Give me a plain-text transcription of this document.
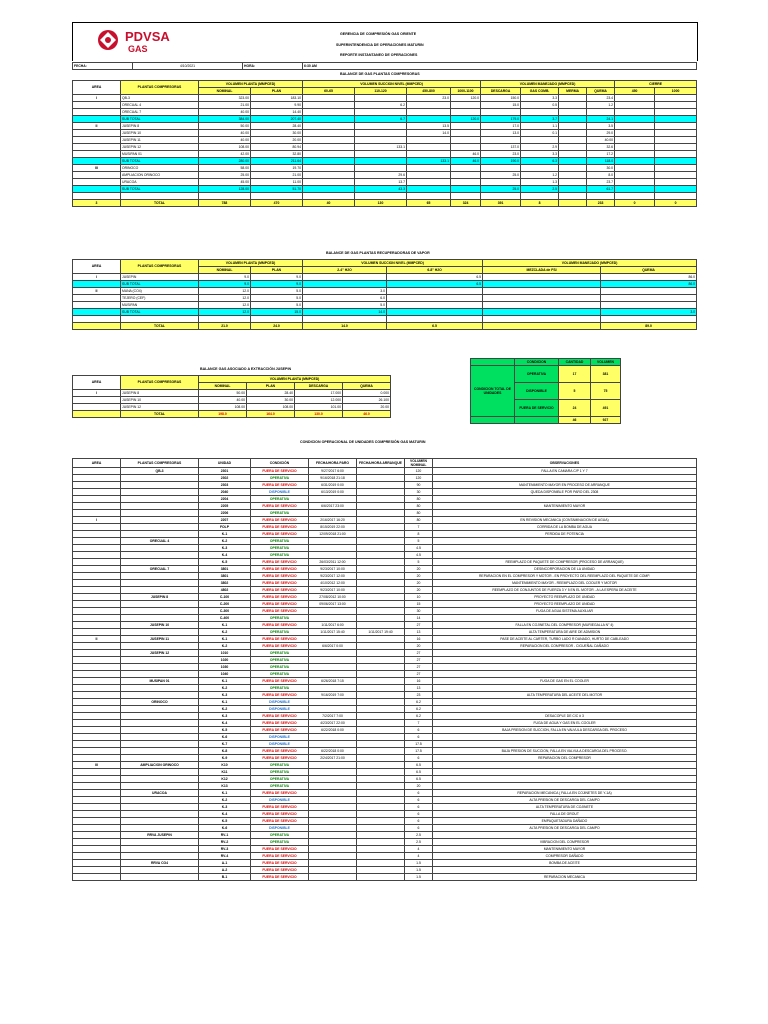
PDVSA
GAS
GERENCIA DE COMPRESIÓN GAS ORIENTE
SUPERINTENDENCIA DE OPERACIONES MATURIN
REPORTE INSTANTANEO DE OPERACIONES
FECHA:	4/10/2021	HORA:	6:30 AM
BALANCE DE GAS PLANTAS COMPRESORAS
AREA	PLANTAS COMPRESORAS	VOLUMEN PLANTA (MMPCED)		VOLUMEN SUCCION NIVEL (MMPCED)				VOLUMEN MANEJADO (MMPCED)				CIERRE	
		NOMINAL	PLAN	60-65	110-120	450-800	1000-1100	DESCARGA	GAS COMB.	MERMA	QUEMA	450	1000
I	QB-3	323.00	183.10			23.0	120.0	150.0	3.3		23.4		
	ORECUAL 4	21.00	9.90		6.2			15.0	0.5		1.2		
	ORECUAL 7	40.00	14.40										
	SUB TOTAL	384.00	207.40		6.7		120.0	179.0	3.7		24.1		
II	JUSEPIN 8	50.00	28.40			13.5		17.0	1.1		3.5		
	JUSEPIN 10	40.00	30.00			14.0		13.0	0.1		29.0		
	JUSEPIN 11	40.00	20.00								40.00		
	JUSEPIN 12	108.00	80.94		133.1			137.0	2.9		32.6		
	MUSIPAN 01	42.00	32.80				46.0	23.0	3.3		17.2		
	SUB TOTAL	280.00	211.64			133.1	46.0	190.0	6.3		118.0		
III	ORINOCO	58.00	19.70								30.0		
	AMPLIACION ORINOCO	25.00	21.00		29.6			25.0	1.2		8.0		
	URACOA	45.00	11.00		13.7				1.3		23.7		
	SUB TOTAL	128.00	51.70		43.3			25.0	2.5		61.7		

3	TOTAL	788	470	40	130	65	324	391	8		233	0	0
BALANCE DE GAS PLANTAS RECUPERADORAS DE VAPOR
AREA	PLANTAS COMPRESORAS	VOLUMEN PLANTA (MMPCED)		VOLUMEN SUCCION NIVEL (MMPCED)		VOLUMEN MANEJADO (MMPCED)		
		NOMINAL	PLAN	2-4" H2O	6-8" H2O	MEZCLADA de FSI	QUEMA	
I	JUSEPIN	9.0	9.0		6.5		86.0		
	SUB TOTAL	9.0	9.0		6.5		86.0		
II	MANA (CO4)	12.0	5.0	3.0					
	TEJERO (CEF)	12.0	5.0	6.0					
	MUSIPAN	12.0	5.0	5.0					
	SUB TOTAL	12.0	15.0	14.0			3.0		

	TOTAL	21.0	24.0	14.0	6.5		89.0		
BALANCE GAS ASOCIADO A EXTRACCIÓN JUSEPIN
AREA	PLANTAS COMPRESORAS	VOLUMEN PLANTA (MMPCED)			
		NOMINAL	PLAN	DESCARGA	QUEMA
I	JUSEPIN 8	50.00	28.40	17.000	0.000
	JUSEPIN 10	40.00	30.00	12.000	26.100
	JUSEPIN 12	108.00	108.00	101.00	20.00
	TOTAL	198.0	164.0	130.0	46.0
	CONDICION	CANTIDAD	VOLUMEN
CONDICION TOTAL DE UNIDADES	OPERATIVA	17	381
	DISPONIBLE	5	75
	FUERA DE SERVICIO	24	491
		46	927
CONDICION OPERACIONAL DE UNIDADES COMPRESIÓN GAS MATURIN
AREA	PLANTAS COMPRESORAS	UNIDAD	CONDICIÓN	FECHA/HORA PARO	FECHA/HORA ARRANQUE	VOLUMEN NOMINAL	OBSERVACIONES
	QB-3	2301	FUERA DE SERVICIO	9/27/2017 6:00		120	FALLA EN CAMARA C/P 1 Y 7
		2302	OPERATIVA	9/16/2018 21:18		120	
		2303	FUERA DE SERVICIO	6/31/2019 0:00		90	MANTENIMIENTO MAYOR EN PROCESO DE ARRANQUE
		2040	DISPONIBLE	6/13/2019 0:00		30	QUEDA DISPONIBLE POR PARO DEL 2308
		2204	OPERATIVA			80	
		2205	FUERA DE SERVICIO	6/6/2017 23:00		80	MANTENIMIENTO MAYOR
		2206	OPERATIVA			80	
I		2207	FUERA DE SERVICIO	2/16/2017 16:20		80	EN REVISION MECANICA (CONTAMINACION DE AGUA)
		FOLP	FUERA DE SERVICIO	8/15/2019 22:00		7	CORRIDA DE LA BOMBA DE AGUA
		K-1	FUERA DE SERVICIO	12/09/2018 21:00		8	PERDIDA DE POTENCIA
	ORECUAL 4	K-2	OPERATIVA			5	
		K-3	OPERATIVA			4.5	
		K-4	OPERATIVA			4.5	
		K-5	FUERA DE SERVICIO	26/03/2011 12:00		5	REEMPLAZO DE PAQUETE DE COMPRESOR (PROCESO DE ARRANQUE)
	ORECUAL 7	3801	FUERA DE SERVICIO	9/23/2017 10:00		20	DESINCORPORACION DE LA UNIDAD
		3801	FUERA DE SERVICIO	9/23/2017 12:00		20	REPARACION EN EL COMPRESOR Y MOTOR - EN PROYECTO DEL REEMPLAZO DEL PAQUETE DE COMP.
		3802	FUERA DE SERVICIO	4/10/2012 12:00		20	MANTENIMIENTO MAYOR - REEMPLAZO DEL COOLER Y MOTOR
		4802	FUERA DE SERVICIO	9/23/2017 10:00		20	REEMPLAZO DE CONJUNTOS DE FUERZA 3 Y 5 EN EL MOTOR - A LA ESPERA DE ACEITE
	JUSEPIN 8	C-100	FUERA DE SERVICIO	27/08/2012 10:00		10	PROYECTO REEMPLAZO DE UNIDAD
		C-200	FUERA DE SERVICIO	09/06/2017 13:00		15	PROYECTO REEMPLAZO DE UNIDAD
		C-300	FUERA DE SERVICIO			30	FUGA DE AGUA SISTEMA AUXILIAR
		C-400	OPERATIVA			14	
	JUSEPIN 10	K-1	FUERA DE SERVICIO	1/11/2017 6:00		27	FALLA EN COJINETAL DEL COMPRESOR (MURIEGALLA N° 4)
		K-2	OPERATIVA	1/11/2017 15:40	1/11/2017 19:40	13	ALTA TEMPERATURA DE AIRE DE ADMISION
II	JUSEPIN 11	K-1	FUERA DE SERVICIO			16	PASE DE ACEITE AL CARTER, TURBO LADO R DANADO, HURTO DE CABLEADO
		K-2	FUERA DE SERVICIO	6/6/2017 0:00		20	REPARACION DEL COMPRESOR - CIGUEÑAL DAÑADO
	JUSEPIN 12	1010	OPERATIVA			27	
		1020	OPERATIVA			27	
		1030	OPERATIVA			27	
		1040	OPERATIVA			27	
	MUSIPAN 01	K-1	FUERA DE SERVICIO	6/26/2018 7:15		16	FUGA DE GAS EN EL COOLER
		K-2	OPERATIVA			13	
		K-3	FUERA DE SERVICIO	9/16/2019 7:00		23	ALTA TEMPERATURA DEL ACEITE DEL MOTOR
	ORINOCO	K-1	DISPONIBLE			6.2	
		K-2	DISPONIBLE			6.2	
		K-3	FUERA DE SERVICIO	7/2/2017 7:00		6.2	DESACOPLE DE C/C # 3
		K-4	FUERA DE SERVICIO	4/23/2017 22:00		7	FUGA DE AGUA Y GAS EN EL COOLER
		K-5	FUERA DE SERVICIO	6/22/2018 0:00		6	BAJA PRESION DE SUCCION, FALLA EN VALVULA DESCARGA DEL PROCESO
		K-6	DISPONIBLE			6	
		K-7	DISPONIBLE			17.5	
		K-8	FUERA DE SERVICIO	6/22/2018 0:00		17.5	BAJA PRESION DE SUCCION, FALLA EN VALVULA DESCARGA DEL PROCESO.
		K-9	FUERA DE SERVICIO	2/24/2017 21:00		6	REPARACION DEL COMPRESOR
III	AMPLIACION ORINOCO	K10	OPERATIVA			6.5	
		K11	OPERATIVA			6.5	
		K12	OPERATIVA			6.5	
		K13	OPERATIVA			20	
	URACOA	K-1	FUERA DE SERVICIO			6	REPARACION MECANICA ( FALLA EN COJINETES DE Y-1A)
		K-2	DISPONIBLE			6	ALTA PRESION DE DESCARGA DEL CAMPO
		K-3	FUERA DE SERVICIO			6	ALTA TEMPERATURA DE COJINETE
		K-4	FUERA DE SERVICIO			6	FALLA DE GROUT
		K-5	FUERA DE SERVICIO			6	EMPAQUETADURA DAÑADO
		K-6	DISPONIBLE			6	ALTA PRESION DE DESCARGA DEL CAMPO
	RRVA JUSEPIN	RV-1	OPERATIVA			2.5	
		RV-2	OPERATIVA			2.5	VIBRACION DEL COMPRESOR
		RV-3	FUERA DE SERVICIO			4	MANTENIMIENTO MAYOR
		RV-4	FUERA DE SERVICIO			4	COMPRESOR DAÑADO
	RRVA CO4	A-1	FUERA DE SERVICIO			1.5	BOMBA DE ACEITE
		A-2	FUERA DE SERVICIO			1.5	
		B-1	FUERA DE SERVICIO			1.5	REPARACION MECANICA
